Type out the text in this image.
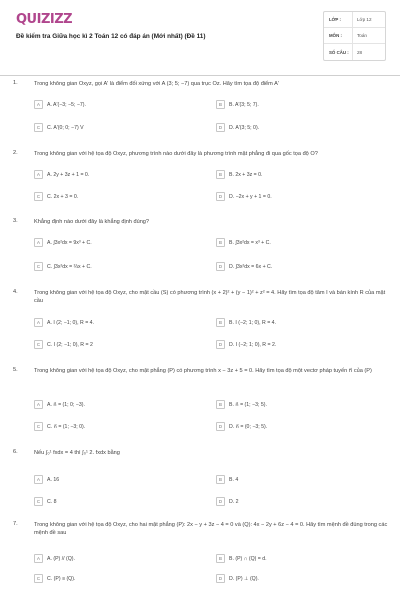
QUIZIZZ
Đề kiểm tra Giữa học kì 2 Toán 12 có đáp án (Mới nhất) (Đề 11)
LỚP :	Lớp 12
MÔN :	Toán
SỐ CÂU :	28
1.	Trong không gian Oxyz, gọi A' là điểm đối xứng với A (3; 5; −7) qua trục Oz. Hãy tìm tọa độ điểm A'
A	A. A'(−3; −5; −7).	B	B. A'(3; 5; 7).
C	C. A'(0; 0; −7) V	D	D. A'(3; 5; 0).
2.	Trong không gian với hệ tọa độ Oxyz, phương trình nào dưới đây là phương trình mặt phẳng đi qua gốc tọa độ O?
A	A. 2y + 3z + 1 = 0.	B	B. 2x + 3z = 0.
C	C. 2x + 3 = 0.	D	D. −2x + y + 1 = 0.
3.	Khẳng định nào dưới đây là khẳng định đúng?
A	A. ∫3x²dx = 9x³ + C.	B	B. ∫3x²dx = x³ + C.
C	C. ∫3x²dx = ⅔x + C.	D	D. ∫3x²dx = 6x + C.
4.	Trong không gian với hệ tọa độ Oxyz, cho mặt cầu (S) có phương trình (x + 2)² + (y − 1)² + z² = 4. Hãy tìm tọa độ tâm I và bán kính R của mặt cầu
A	A. I (2; −1; 0), R = 4.	B	B. I (−2; 1; 0), R = 4.
C	C. I (2; −1; 0), R = 2	D	D. I (−2; 1; 0), R = 2.
5.	Trong không gian với hệ tọa độ Oxyz, cho mặt phẳng (P) có phương trình x − 3z + 5 = 0. Hãy tìm tọa độ một vectơ pháp tuyến n⃗ của (P)
A	A. n⃗ = (1; 0; −3).	B	B. n⃗ = (1; −3; 5).
C	C. n⃗ = (1; −3; 0).	D	D. n⃗ = (0; −3; 5).
6.	Nếu ∫₀¹ fxdx = 4 thì ∫₀¹ 2. fxdx bằng
A	A. 16	B	B. 4
C	C. 8	D	D. 2
7.	Trong không gian với hệ tọa độ Oxyz, cho hai mặt phẳng (P): 2x − y + 3z − 4 = 0 và (Q): 4x − 2y + 6z − 4 = 0. Hãy tìm mệnh đề đúng trong các mệnh đề sau
A	A. (P) // (Q).	B	B. (P) ∩ (Q) = d.
C	C. (P) ≡ (Q).	D	D. (P) ⊥ (Q).
